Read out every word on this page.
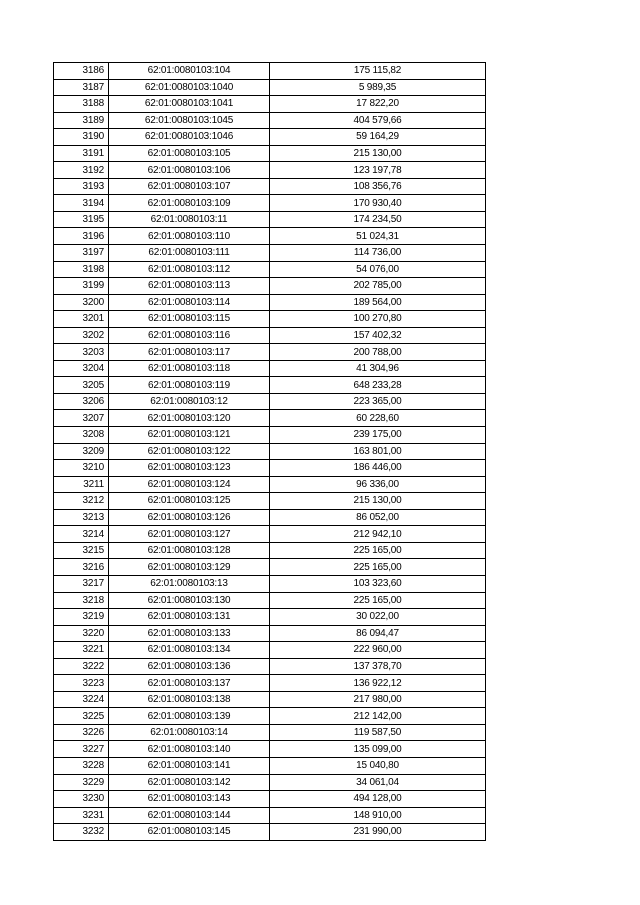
3186	62:01:0080103:104	175 115,82
3187	62:01:0080103:1040	5 989,35
3188	62:01:0080103:1041	17 822,20
3189	62:01:0080103:1045	404 579,66
3190	62:01:0080103:1046	59 164,29
3191	62:01:0080103:105	215 130,00
3192	62:01:0080103:106	123 197,78
3193	62:01:0080103:107	108 356,76
3194	62:01:0080103:109	170 930,40
3195	62:01:0080103:11	174 234,50
3196	62:01:0080103:110	51 024,31
3197	62:01:0080103:111	114 736,00
3198	62:01:0080103:112	54 076,00
3199	62:01:0080103:113	202 785,00
3200	62:01:0080103:114	189 564,00
3201	62:01:0080103:115	100 270,80
3202	62:01:0080103:116	157 402,32
3203	62:01:0080103:117	200 788,00
3204	62:01:0080103:118	41 304,96
3205	62:01:0080103:119	648 233,28
3206	62:01:0080103:12	223 365,00
3207	62:01:0080103:120	60 228,60
3208	62:01:0080103:121	239 175,00
3209	62:01:0080103:122	163 801,00
3210	62:01:0080103:123	186 446,00
3211	62:01:0080103:124	96 336,00
3212	62:01:0080103:125	215 130,00
3213	62:01:0080103:126	86 052,00
3214	62:01:0080103:127	212 942,10
3215	62:01:0080103:128	225 165,00
3216	62:01:0080103:129	225 165,00
3217	62:01:0080103:13	103 323,60
3218	62:01:0080103:130	225 165,00
3219	62:01:0080103:131	30 022,00
3220	62:01:0080103:133	86 094,47
3221	62:01:0080103:134	222 960,00
3222	62:01:0080103:136	137 378,70
3223	62:01:0080103:137	136 922,12
3224	62:01:0080103:138	217 980,00
3225	62:01:0080103:139	212 142,00
3226	62:01:0080103:14	119 587,50
3227	62:01:0080103:140	135 099,00
3228	62:01:0080103:141	15 040,80
3229	62:01:0080103:142	34 061,04
3230	62:01:0080103:143	494 128,00
3231	62:01:0080103:144	148 910,00
3232	62:01:0080103:145	231 990,00
